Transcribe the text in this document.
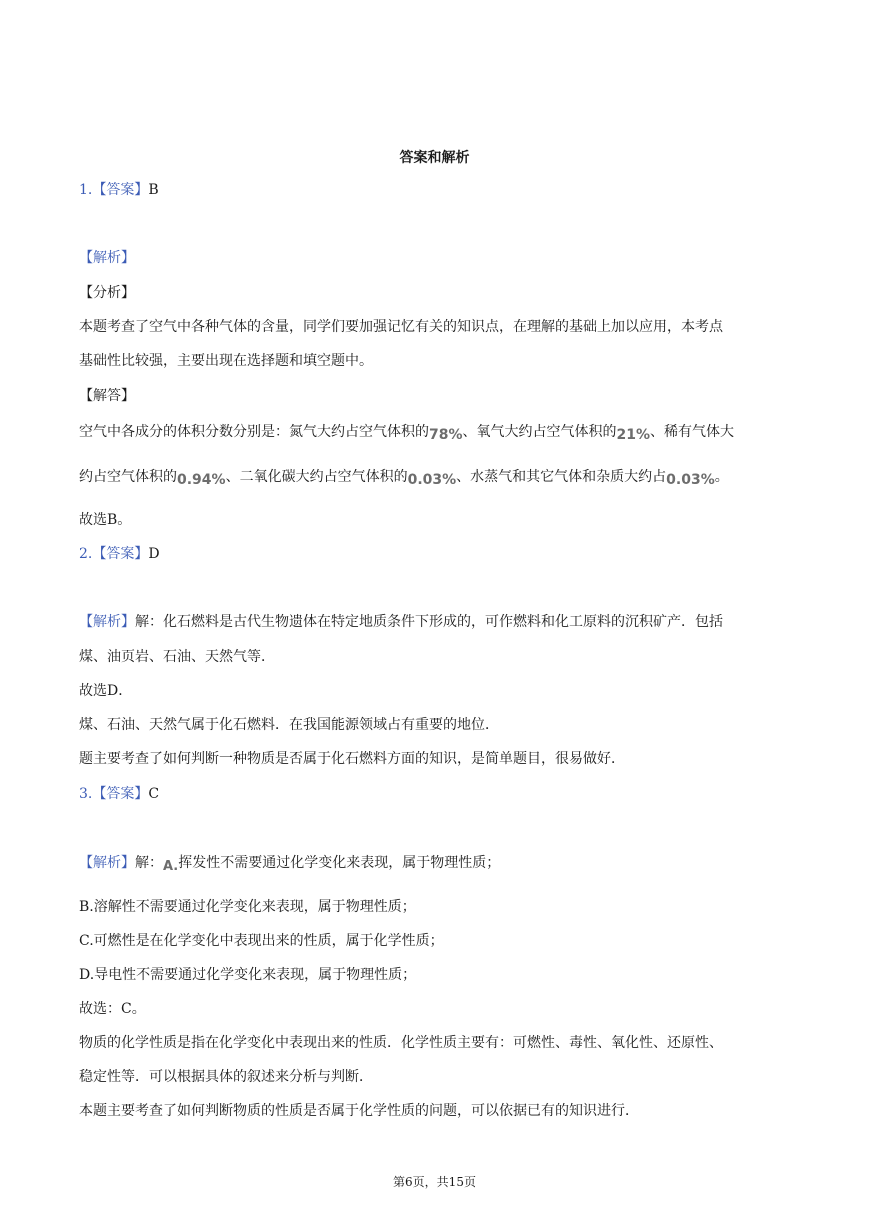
答案和解析
1.【答案】B
【解析】
【分析】
本题考查了空气中各种气体的含量，同学们要加强记忆有关的知识点，在理解的基础上加以应用，本考点
基础性比较强，主要出现在选择题和填空题中。
【解答】
空气中各成分的体积分数分别是：氮气大约占空气体积的78%、氧气大约占空气体积的21%、稀有气体大
约占空气体积的0.94%、二氧化碳大约占空气体积的0.03%、水蒸气和其它气体和杂质大约占0.03%。
故选B。
2.【答案】D
【解析】解：化石燃料是古代生物遗体在特定地质条件下形成的，可作燃料和化工原料的沉积矿产．包括
煤、油页岩、石油、天然气等．
故选D．
煤、石油、天然气属于化石燃料．在我国能源领域占有重要的地位．
题主要考查了如何判断一种物质是否属于化石燃料方面的知识，是简单题目，很易做好．
3.【答案】C
【解析】解：A.挥发性不需要通过化学变化来表现，属于物理性质；
B.溶解性不需要通过化学变化来表现，属于物理性质；
C.可燃性是在化学变化中表现出来的性质，属于化学性质；
D.导电性不需要通过化学变化来表现，属于物理性质；
故选：C。
物质的化学性质是指在化学变化中表现出来的性质．化学性质主要有：可燃性、毒性、氧化性、还原性、
稳定性等．可以根据具体的叙述来分析与判断．
本题主要考查了如何判断物质的性质是否属于化学性质的问题，可以依据已有的知识进行．
第6页，共15页
